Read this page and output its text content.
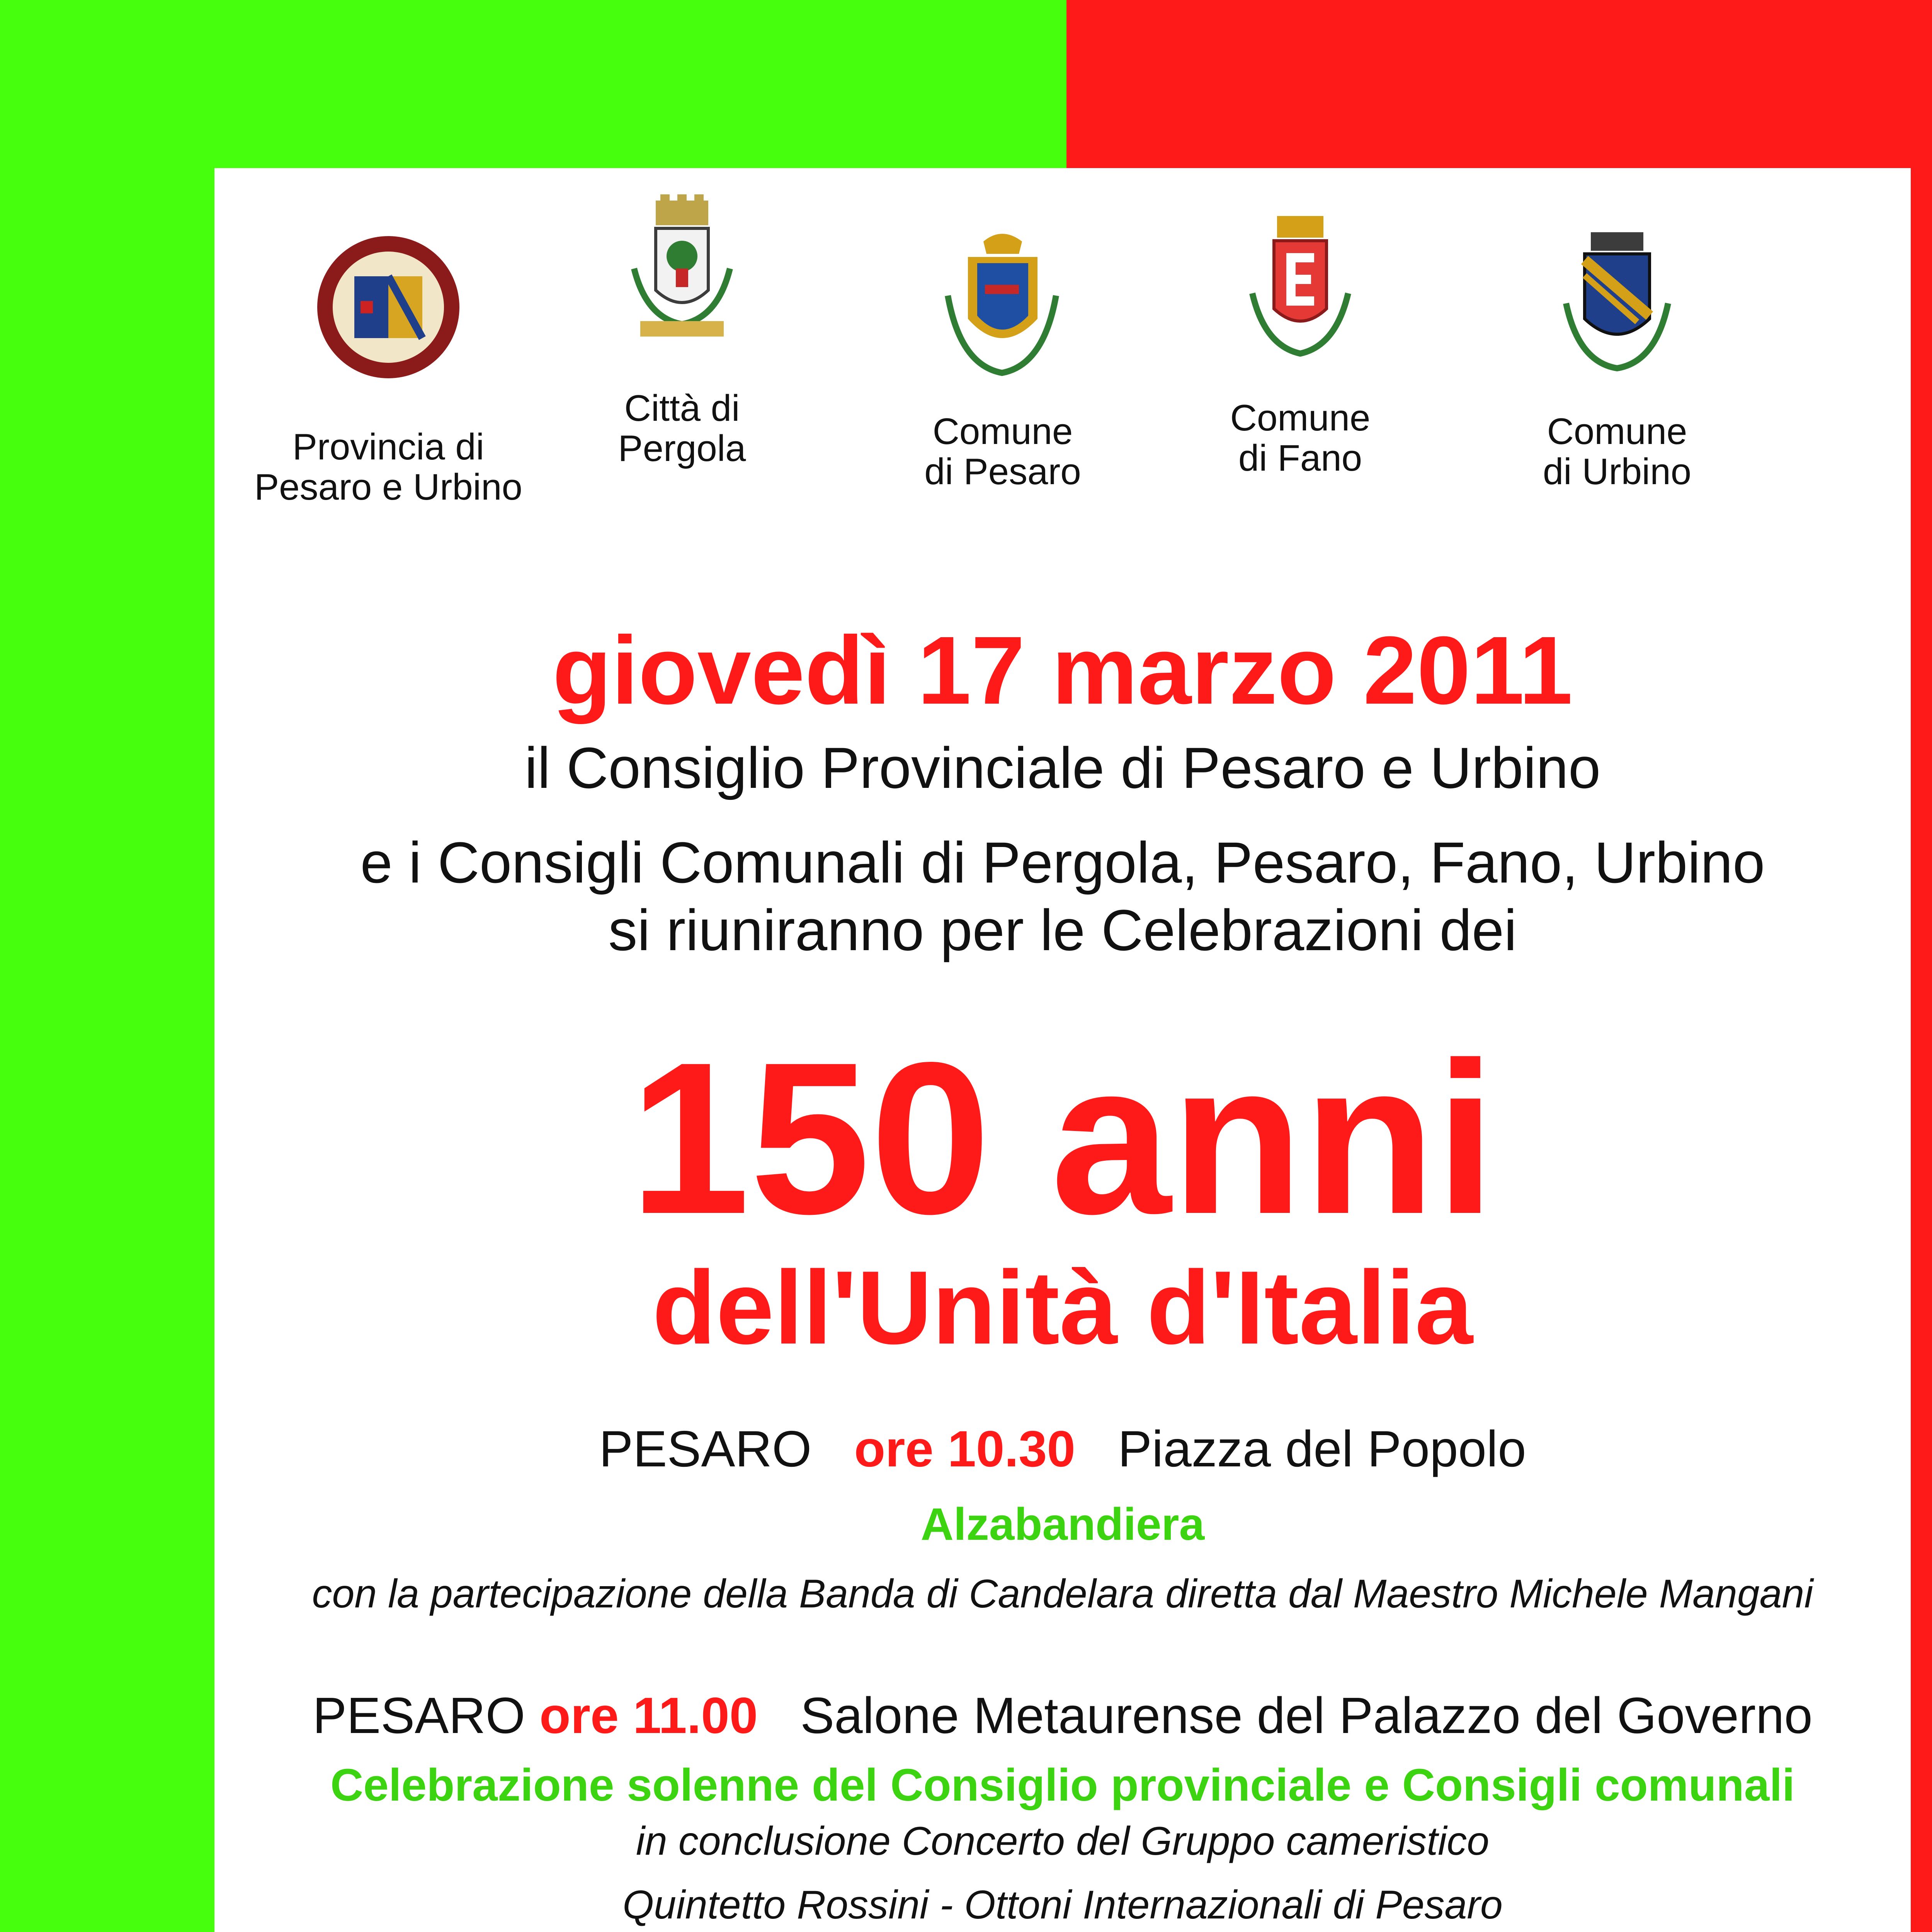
Provincia di
Pesaro e Urbino
Città di
Pergola	Comune
di Pesaro
Comune
di Fano
Comune
di Urbino
giovedì 17 marzo 2011
il Consiglio Provinciale di Pesaro e Urbino
e i Consigli Comunali di Pergola, Pesaro, Fano, Urbino
si riuniranno per le Celebrazioni dei
150 anni
dell'Unità d'Italia
PESARO ore 10.30 Piazza del Popolo
Alzabandiera
con la partecipazione della Banda di Candelara diretta dal Maestro Michele Mangani
PESARO ore 11.00 Salone Metaurense del Palazzo del Governo
Celebrazione solenne del Consiglio provinciale e Consigli comunali
in conclusione Concerto del Gruppo cameristico
Quintetto Rossini - Ottoni Internazionali di Pesaro
